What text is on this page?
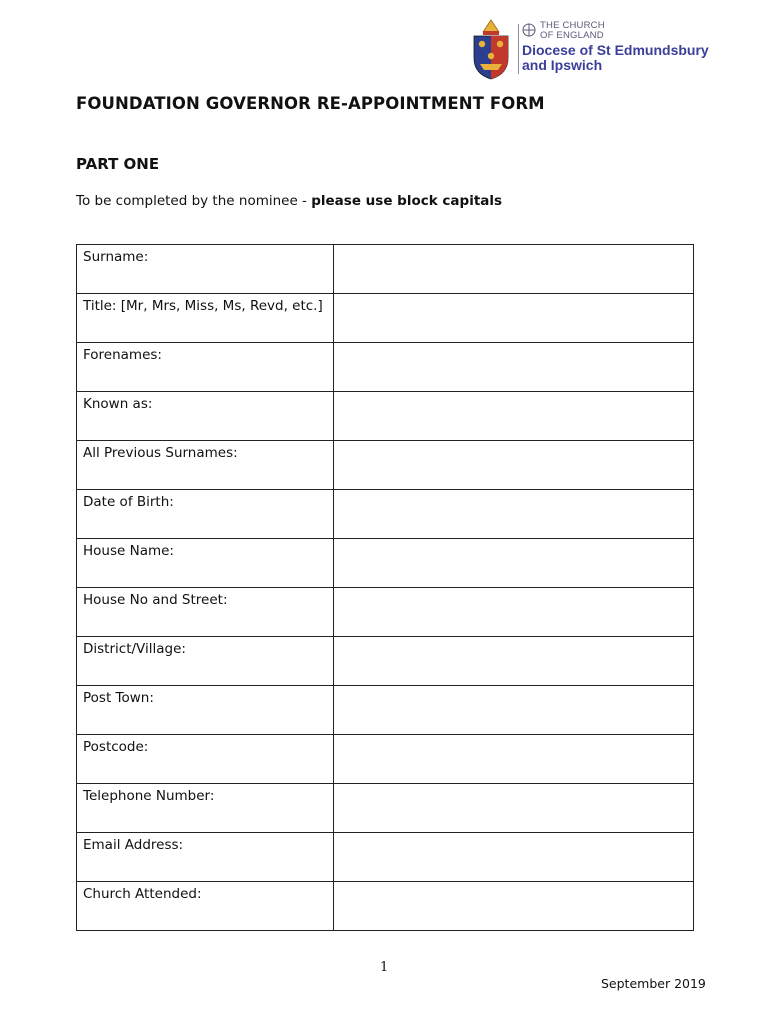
THE CHURCH
OF ENGLAND
Diocese of St Edmundsbury
and Ipswich
FOUNDATION GOVERNOR RE-APPOINTMENT FORM
PART ONE

To be completed by the nominee - please use block capitals

Surname:	
Title: [Mr, Mrs, Miss, Ms, Revd, etc.]	
Forenames:	
Known as:	
All Previous Surnames:	
Date of Birth:	
House Name:	
House No and Street:	
District/Village:	
Post Town:	
Postcode:	
Telephone Number:	
Email Address:	
Church Attended:	
1
September 2019
